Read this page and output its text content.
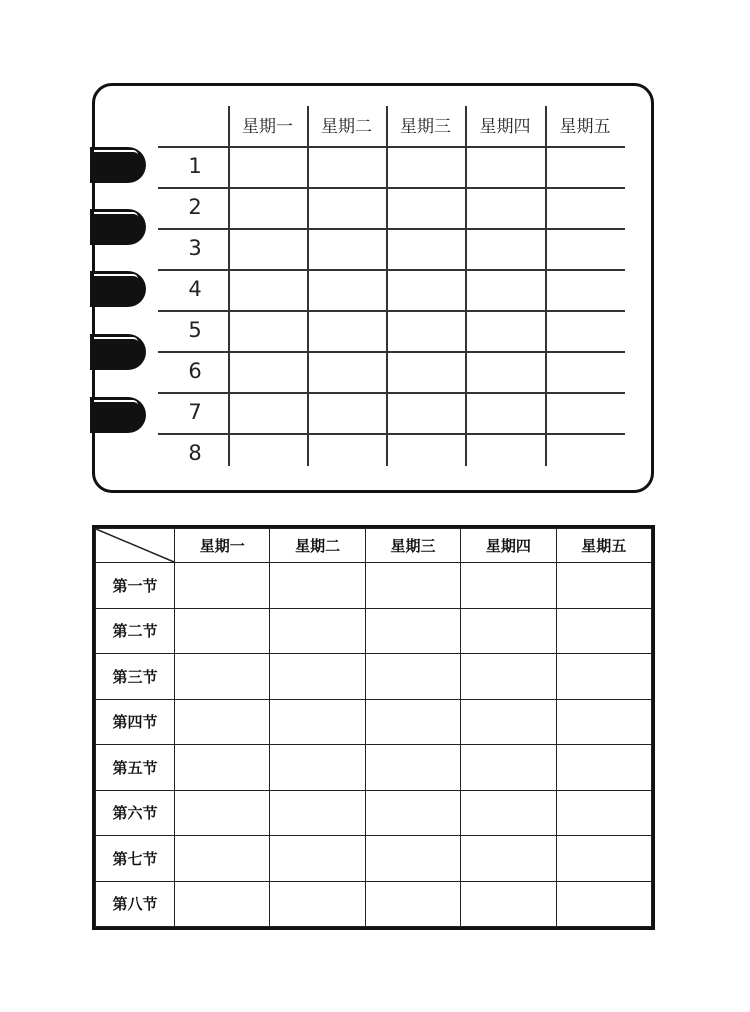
星期一	星期二	星期三	星期四	星期五
1
2
3
4
5
6
7
8
	星期一	星期二	星期三	星期四	星期五
第一节					
第二节					
第三节					
第四节					
第五节					
第六节					
第七节					
第八节					
